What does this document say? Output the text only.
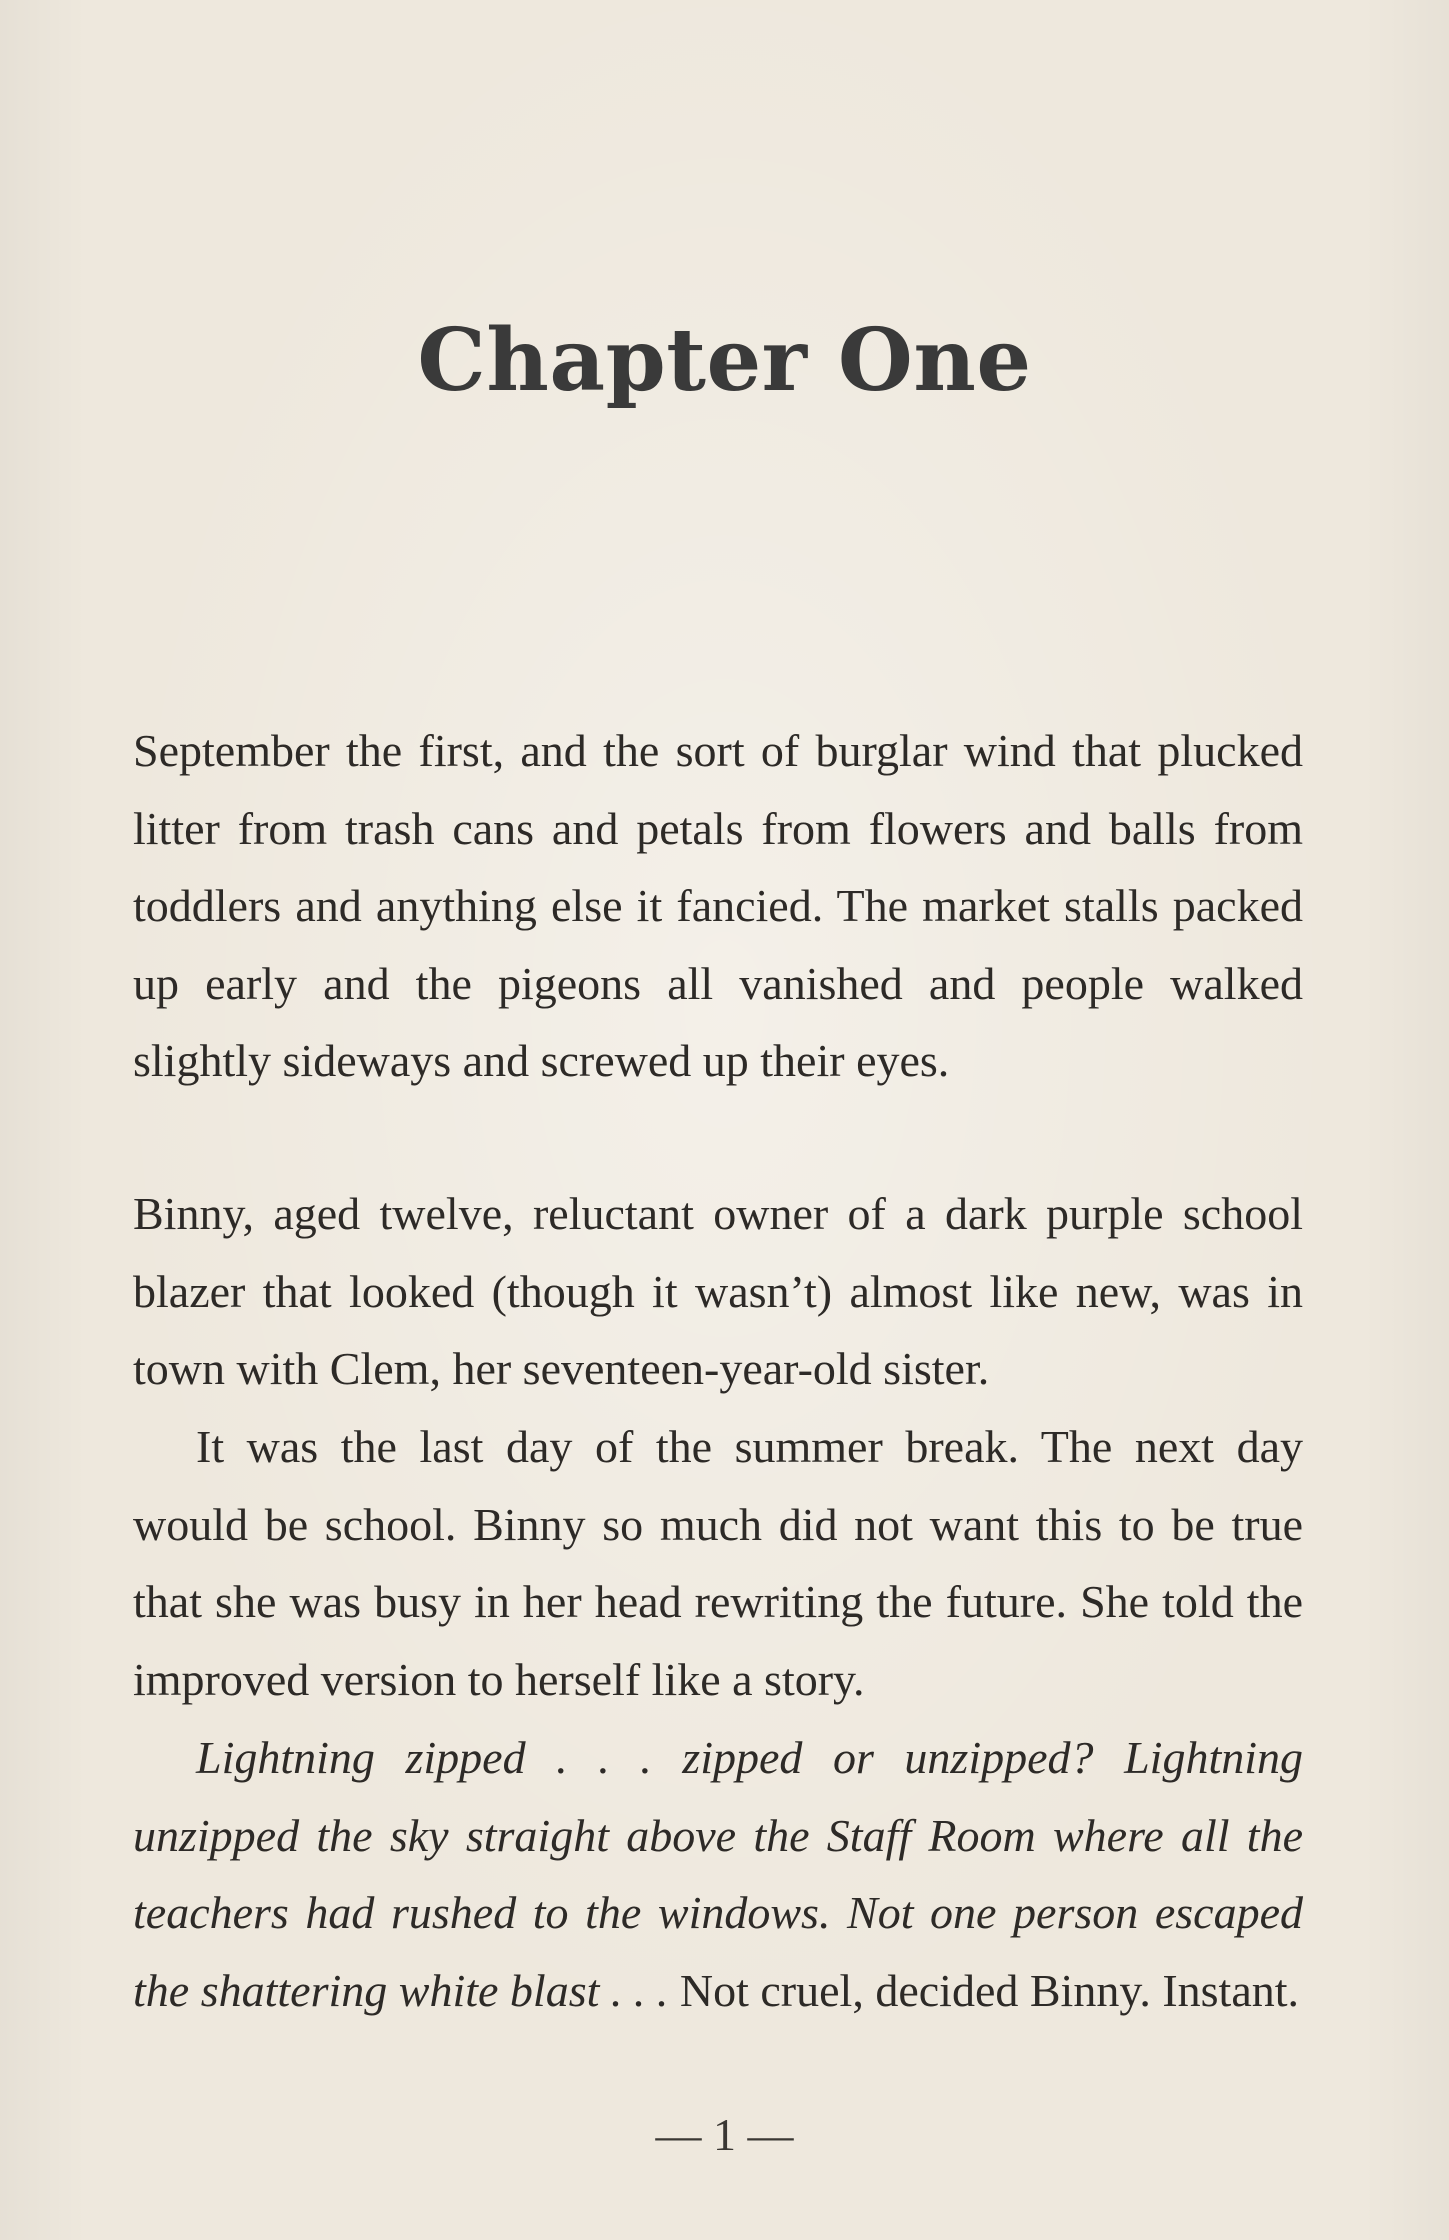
Chapter One

September the first, and the sort of burglar wind that plucked litter from trash cans and petals from flowers and balls from toddlers and anything else it fancied. The market stalls packed up early and the pigeons all vanished and people walked slightly sideways and screwed up their eyes.

Binny, aged twelve, reluctant owner of a dark purple school blazer that looked (though it wasn’t) almost like new, was in town with Clem, her seventeen-year-old sister.

It was the last day of the summer break. The next day would be school. Binny so much did not want this to be true that she was busy in her head rewriting the future. She told the improved version to herself like a story.

Lightning zipped . . . zipped or unzipped? Lightning unzipped the sky straight above the Staff Room where all the teachers had rushed to the windows. Not one person escaped the shattering white blast . . . Not cruel, decided Binny. Instant.

— 1 —
